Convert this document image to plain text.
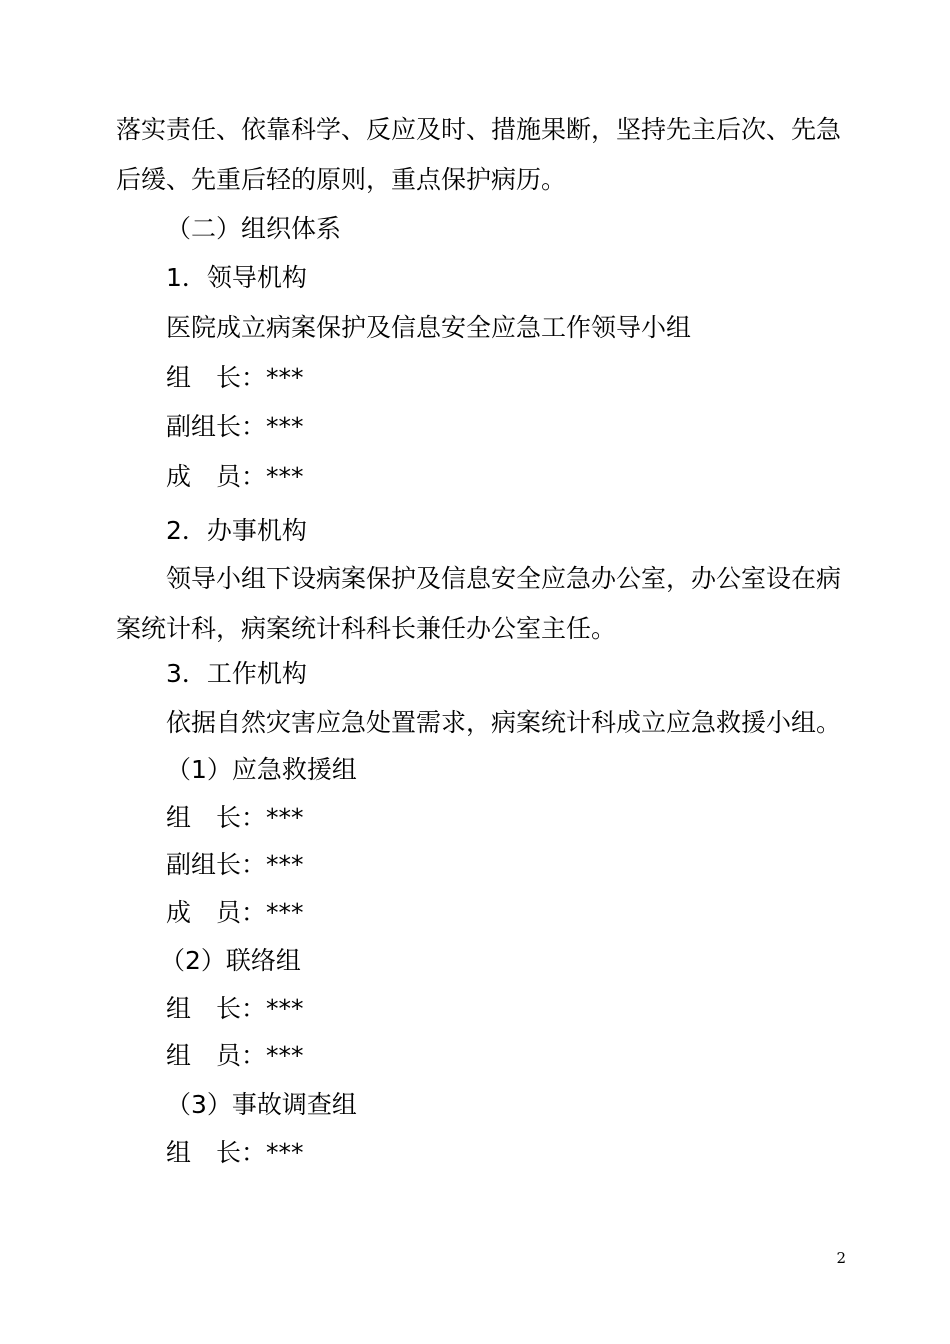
落实责任、依靠科学、反应及时、措施果断，坚持先主后次、先急
后缓、先重后轻的原则，重点保护病历。
（二）组织体系
1．领导机构
医院成立病案保护及信息安全应急工作领导小组
组　长：***
副组长：***
成　员：***
2．办事机构
领导小组下设病案保护及信息安全应急办公室，办公室设在病
案统计科，病案统计科科长兼任办公室主任。
3．工作机构
依据自然灾害应急处置需求，病案统计科成立应急救援小组。
（1）应急救援组
组　长：***
副组长：***
成　员：***
（2）联络组
组　长：***
组　员：***
（3）事故调查组
组　长：***
2
